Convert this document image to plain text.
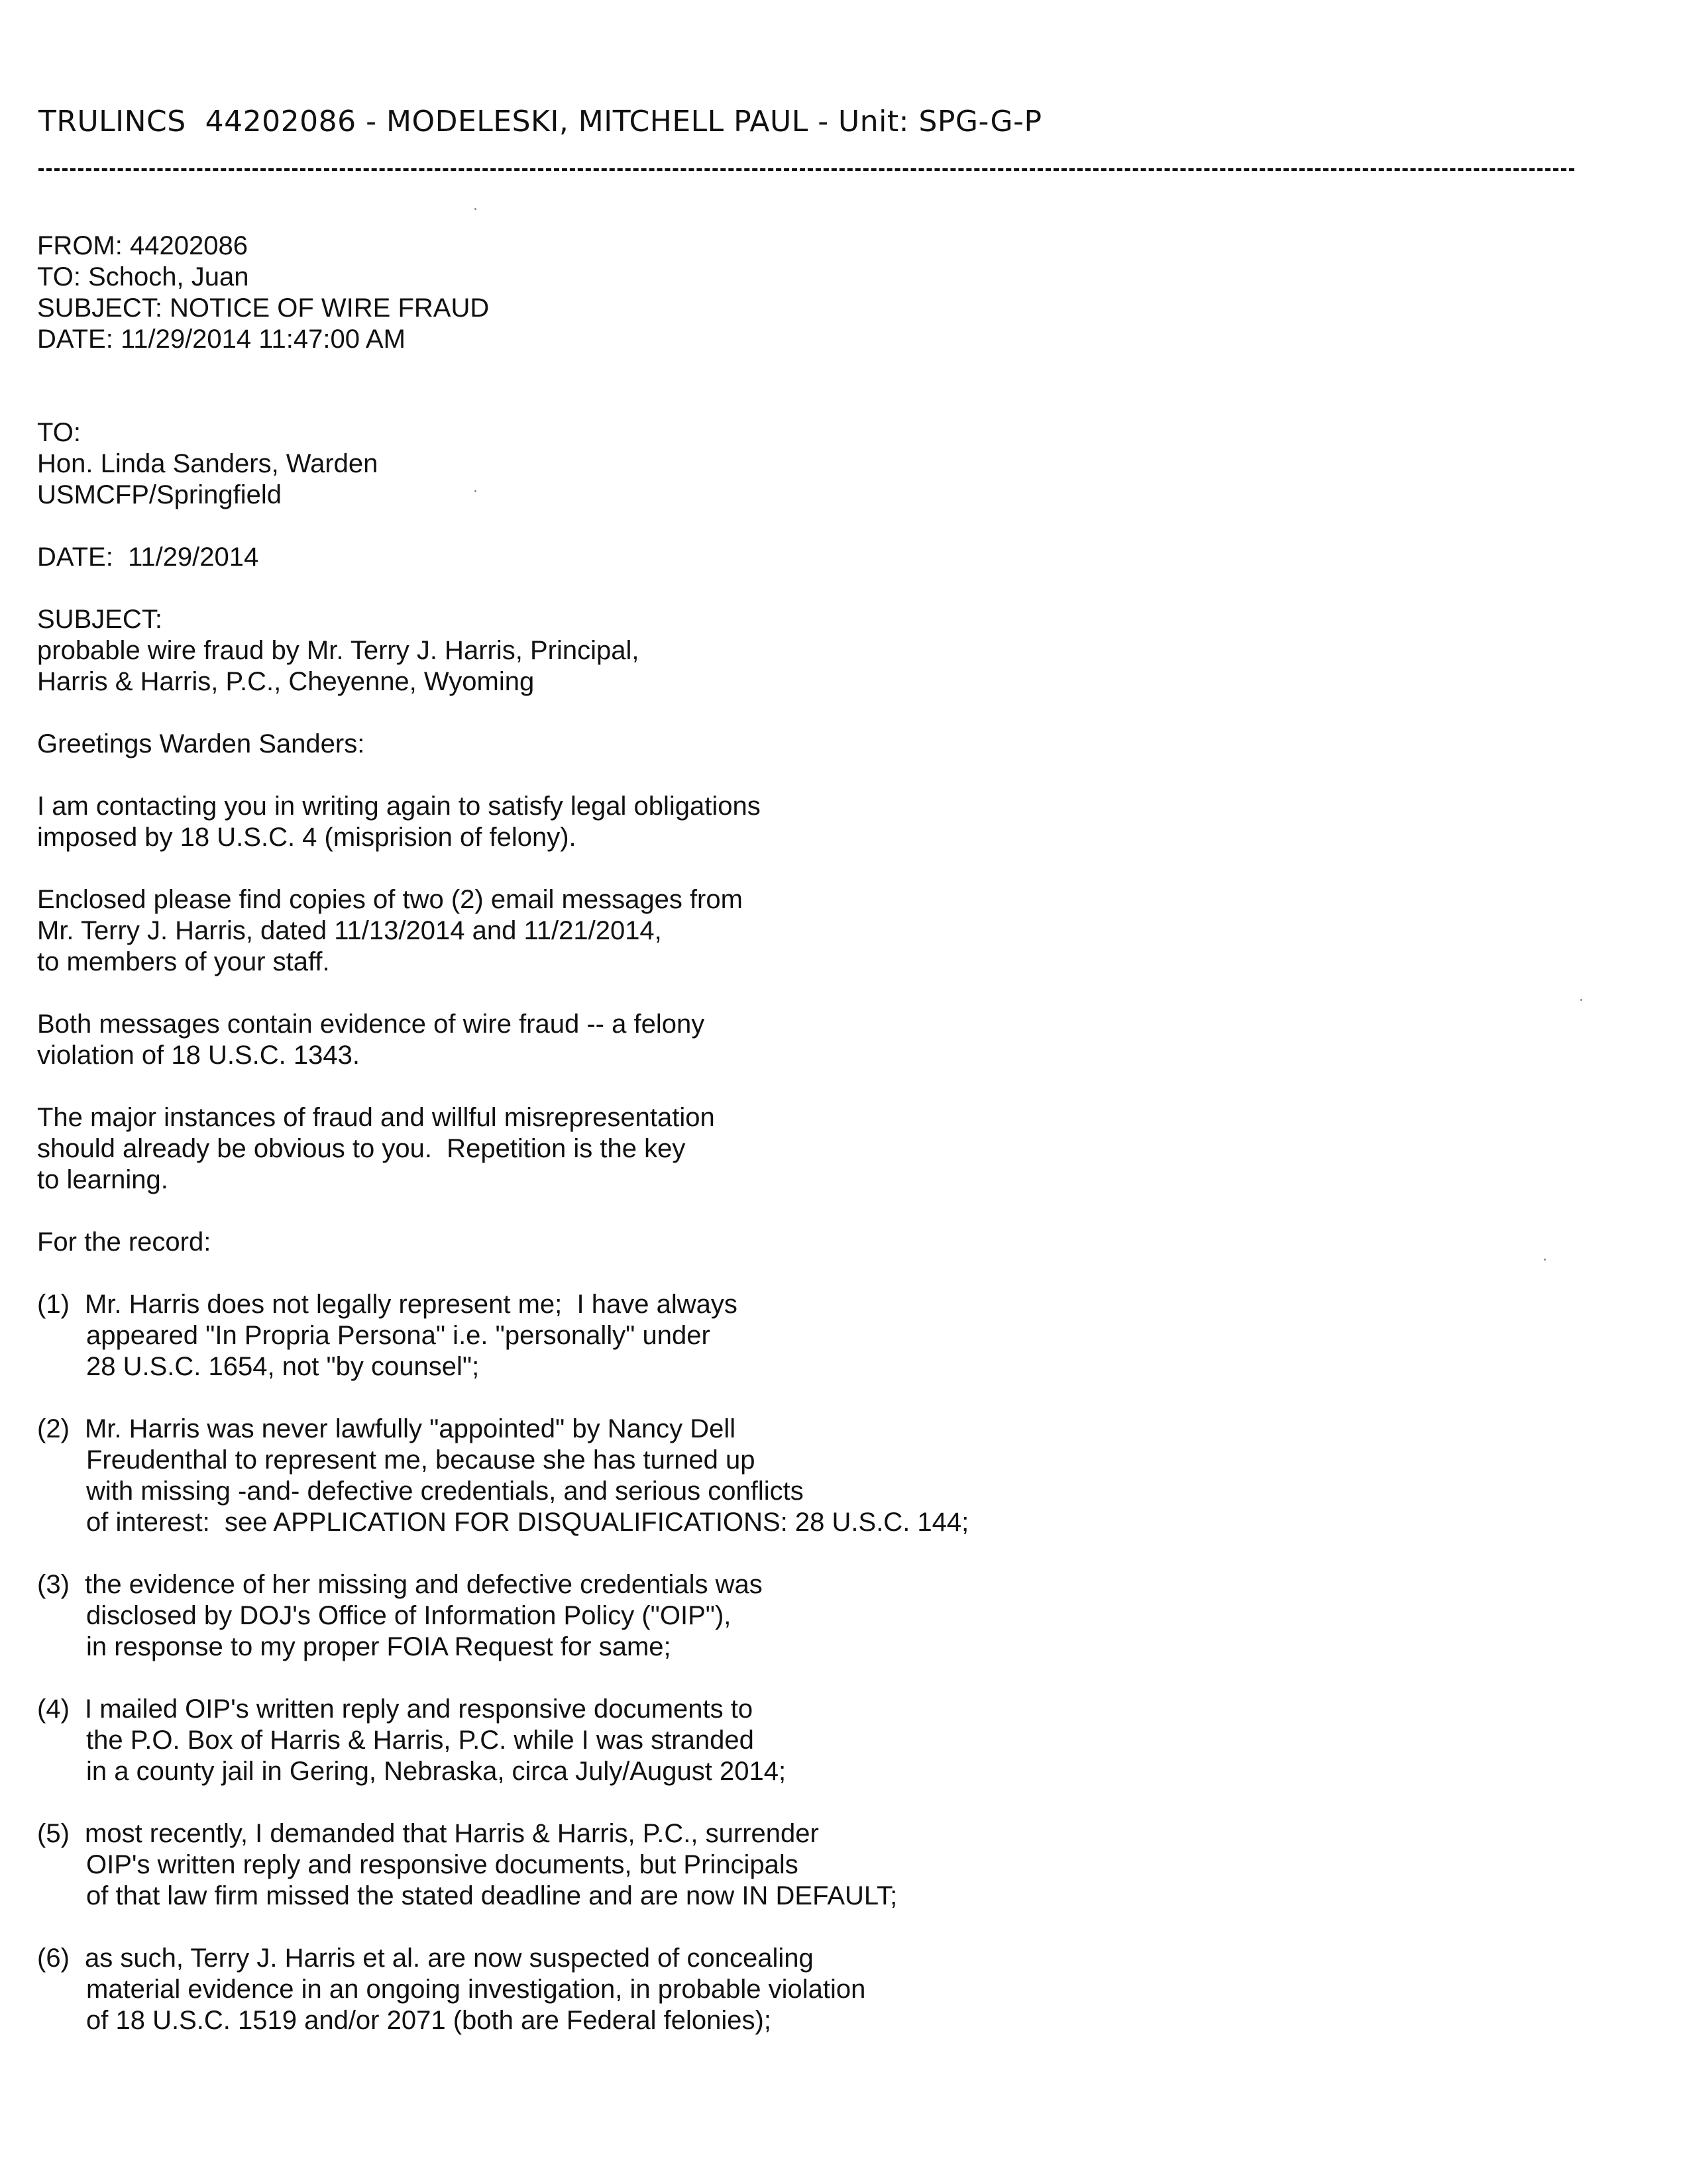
TRULINCS  44202086 - MODELESKI, MITCHELL PAUL - Unit: SPG-G-P

FROM: 44202086

TO: Schoch, Juan

SUBJECT: NOTICE OF WIRE FRAUD

DATE: 11/29/2014 11:47:00 AM

TO:

Hon. Linda Sanders, Warden

USMCFP/Springfield

DATE:  11/29/2014

SUBJECT:

probable wire fraud by Mr. Terry J. Harris, Principal,

Harris & Harris, P.C., Cheyenne, Wyoming

Greetings Warden Sanders:

I am contacting you in writing again to satisfy legal obligations

imposed by 18 U.S.C. 4 (misprision of felony).

Enclosed please find copies of two (2) email messages from

Mr. Terry J. Harris, dated 11/13/2014 and 11/21/2014,

to members of your staff.

Both messages contain evidence of wire fraud -- a felony

violation of 18 U.S.C. 1343.

The major instances of fraud and willful misrepresentation

should already be obvious to you.  Repetition is the key

to learning.

For the record:

(1) Mr. Harris does not legally represent me;  I have always

appeared "In Propria Persona" i.e. "personally" under

28 U.S.C. 1654, not "by counsel";

(2) Mr. Harris was never lawfully "appointed" by Nancy Dell

Freudenthal to represent me, because she has turned up

with missing -and- defective credentials, and serious conflicts

of interest:  see APPLICATION FOR DISQUALIFICATIONS: 28 U.S.C. 144;

(3) the evidence of her missing and defective credentials was

disclosed by DOJ's Office of Information Policy ("OIP"),

in response to my proper FOIA Request for same;

(4) I mailed OIP's written reply and responsive documents to

the P.O. Box of Harris & Harris, P.C. while I was stranded

in a county jail in Gering, Nebraska, circa July/August 2014;

(5) most recently, I demanded that Harris & Harris, P.C., surrender

OIP's written reply and responsive documents, but Principals

of that law firm missed the stated deadline and are now IN DEFAULT;

(6) as such, Terry J. Harris et al. are now suspected of concealing

material evidence in an ongoing investigation, in probable violation

of 18 U.S.C. 1519 and/or 2071 (both are Federal felonies);
